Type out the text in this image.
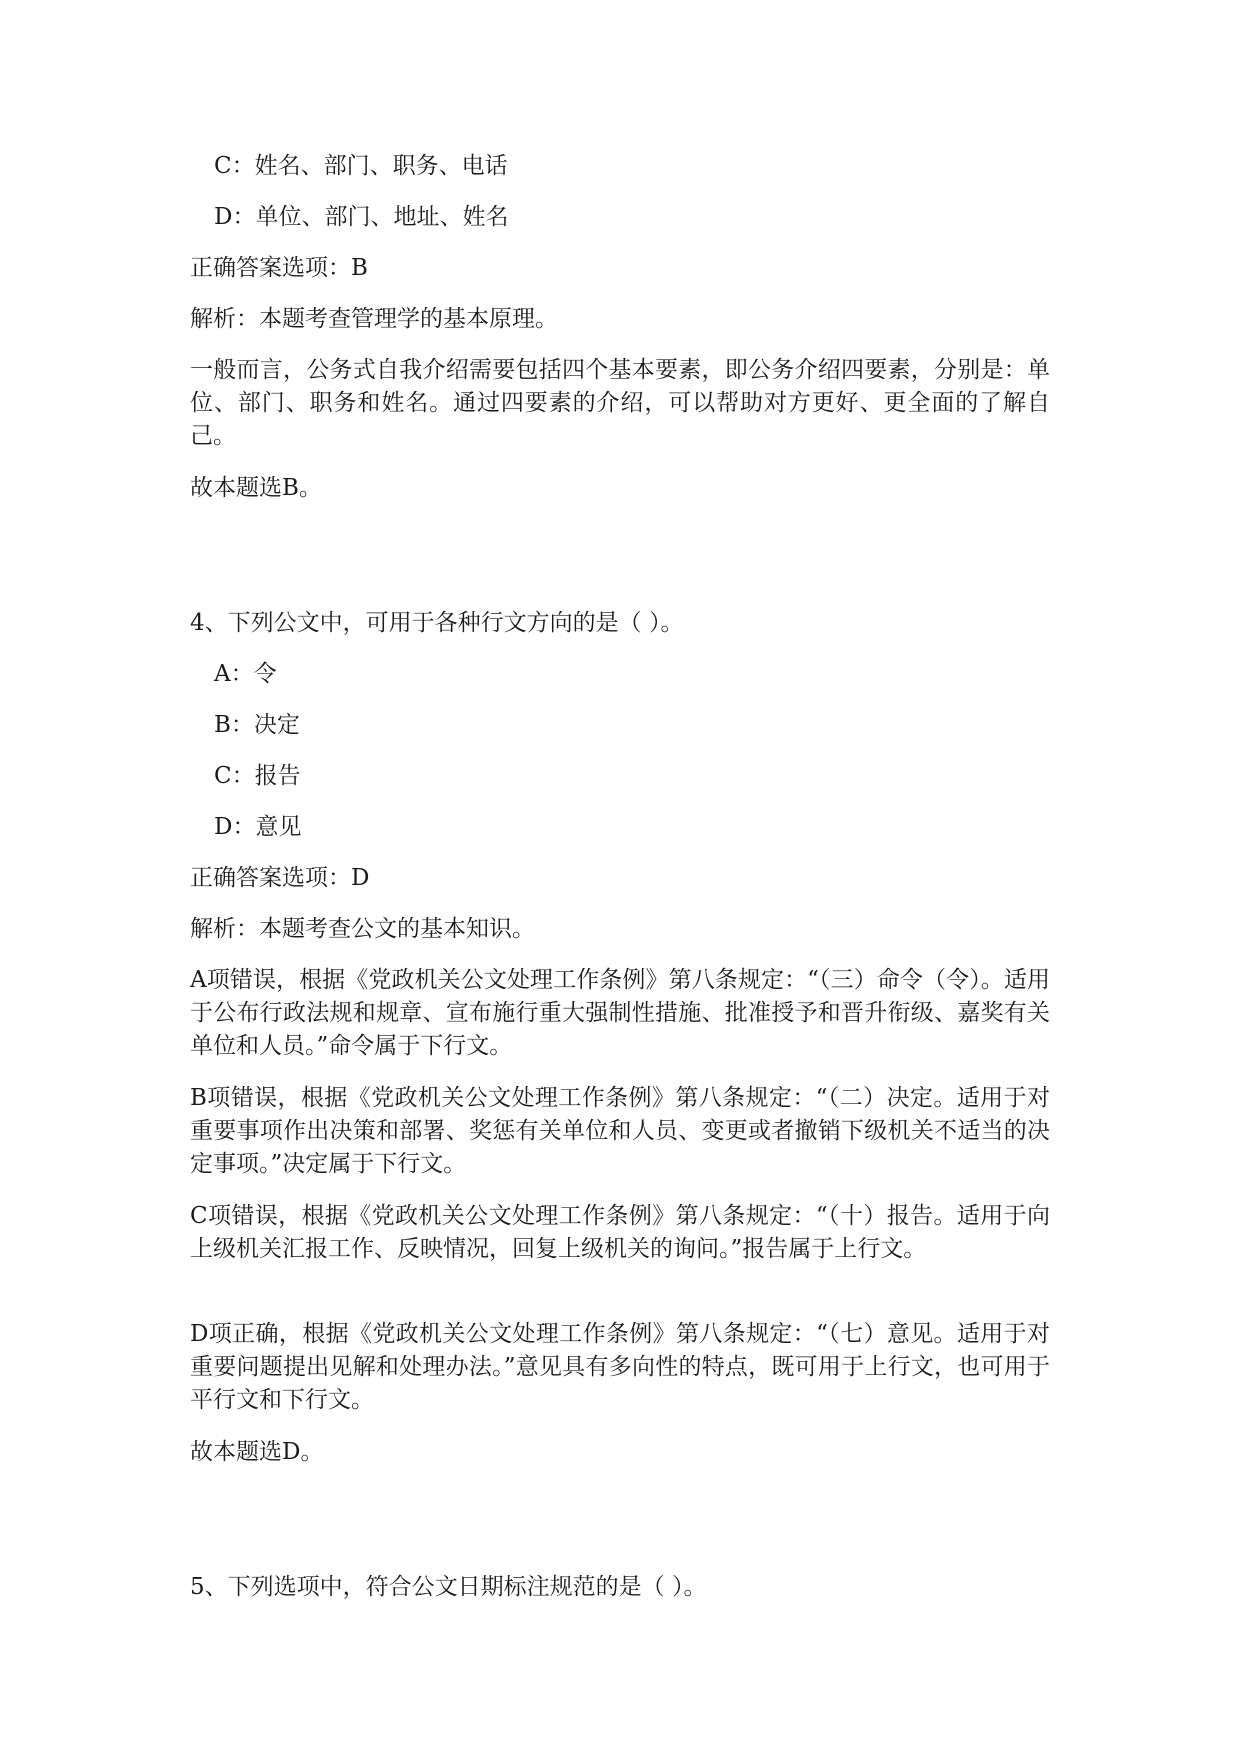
C：姓名、部门、职务、电话
D：单位、部门、地址、姓名
正确答案选项：B
解析：本题考查管理学的基本原理。
一般而言，公务式自我介绍需要包括四个基本要素，即公务介绍四要素，分别是：单位、部门、职务和姓名。通过四要素的介绍，可以帮助对方更好、更全面的了解自己。
故本题选B。
4、下列公文中，可用于各种行文方向的是（ ）。
A：令
B：决定
C：报告
D：意见
正确答案选项：D
解析：本题考查公文的基本知识。
A项错误，根据《党政机关公文处理工作条例》第八条规定：“（三）命令（令）。适用于公布行政法规和规章、宣布施行重大强制性措施、批准授予和晋升衔级、嘉奖有关单位和人员。”命令属于下行文。
B项错误，根据《党政机关公文处理工作条例》第八条规定：“（二）决定。适用于对重要事项作出决策和部署、奖惩有关单位和人员、变更或者撤销下级机关不适当的决定事项。”决定属于下行文。
C项错误，根据《党政机关公文处理工作条例》第八条规定：“（十）报告。适用于向上级机关汇报工作、反映情况，回复上级机关的询问。”报告属于上行文。
D项正确，根据《党政机关公文处理工作条例》第八条规定：“（七）意见。适用于对重要问题提出见解和处理办法。”意见具有多向性的特点，既可用于上行文，也可用于平行文和下行文。
故本题选D。
5、下列选项中，符合公文日期标注规范的是（ ）。
